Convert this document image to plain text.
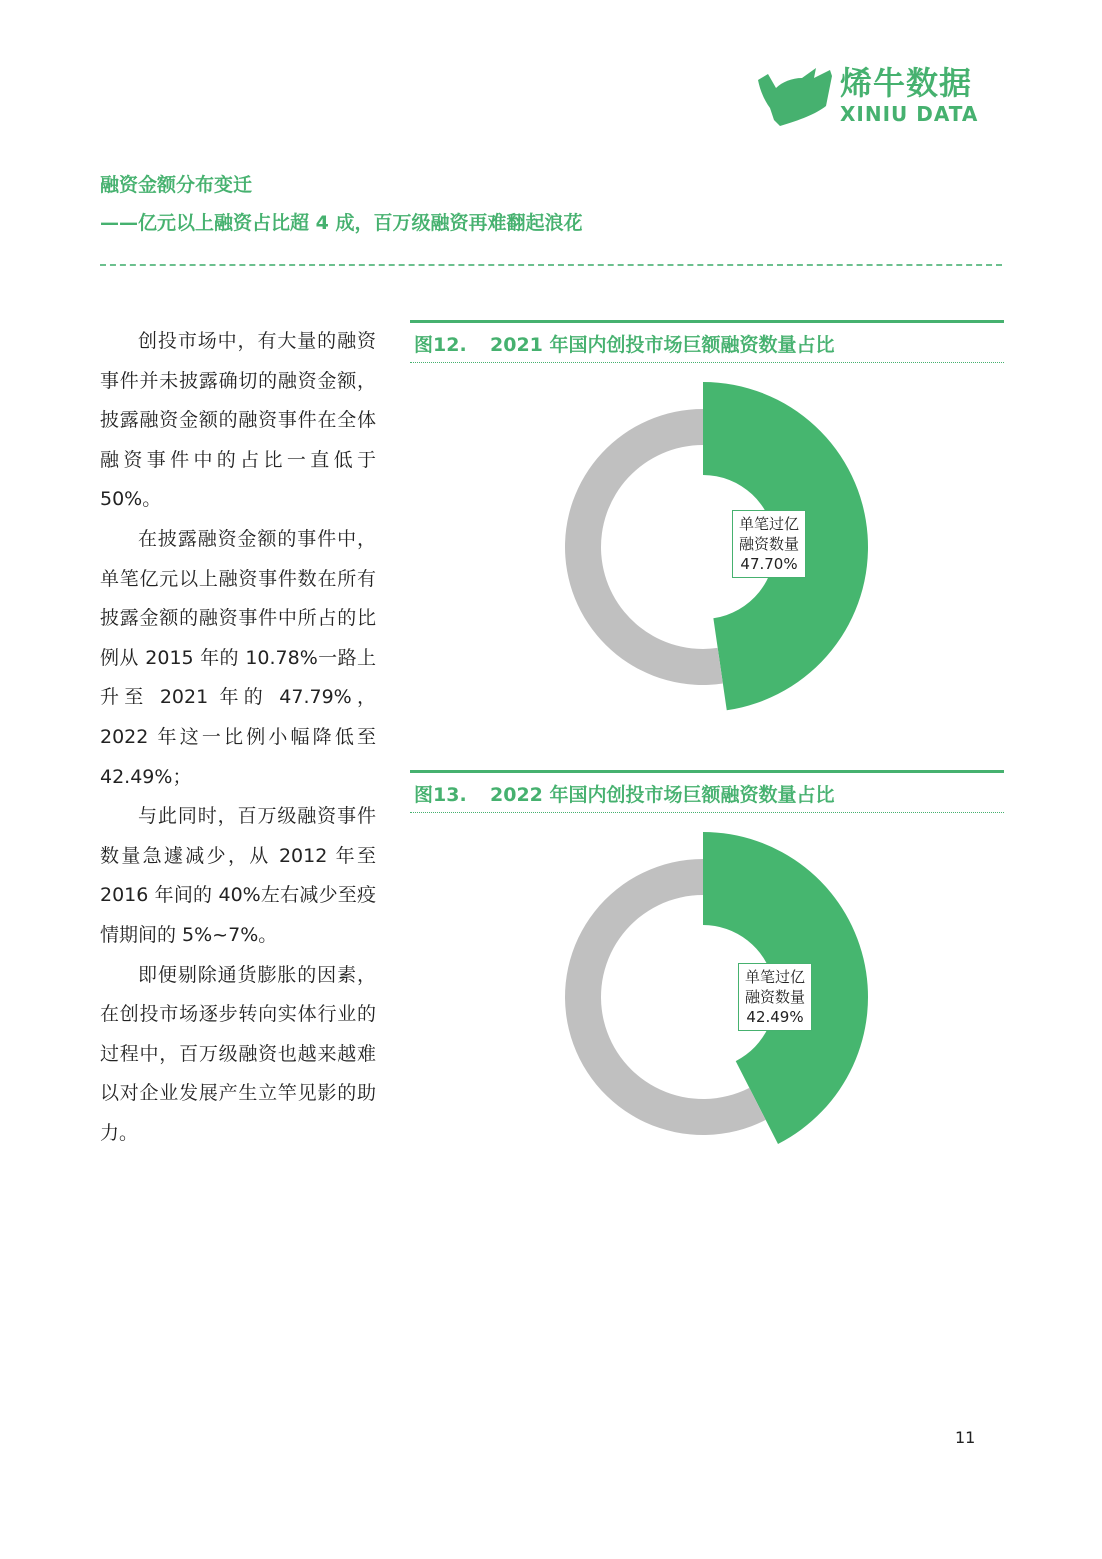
烯牛数据
XINIU DATA
融资金额分布变迁
——亿元以上融资占比超 4 成，百万级融资再难翻起浪花

创投市场中，有大量的融资事件并未披露确切的融资金额，披露融资金额的融资事件在全体融资事件中的占比一直低于 50%。

在披露融资金额的事件中，单笔亿元以上融资事件数在所有披露金额的融资事件中所占的比例从 2015 年的 10.78%一路上升至 2021 年的 47.79%，2022 年这一比例小幅降低至 42.49%；

与此同时，百万级融资事件数量急遽减少，从 2012 年至 2016 年间的 40%左右减少至疫情期间的 5%~7%。

即便剔除通货膨胀的因素，在创投市场逐步转向实体行业的过程中，百万级融资也越来越难以对企业发展产生立竿见影的助力。

图12. 2021 年国内创投市场巨额融资数量占比
单笔过亿
融资数量
47.70%
图13. 2022 年国内创投市场巨额融资数量占比
单笔过亿
融资数量
42.49%
11
